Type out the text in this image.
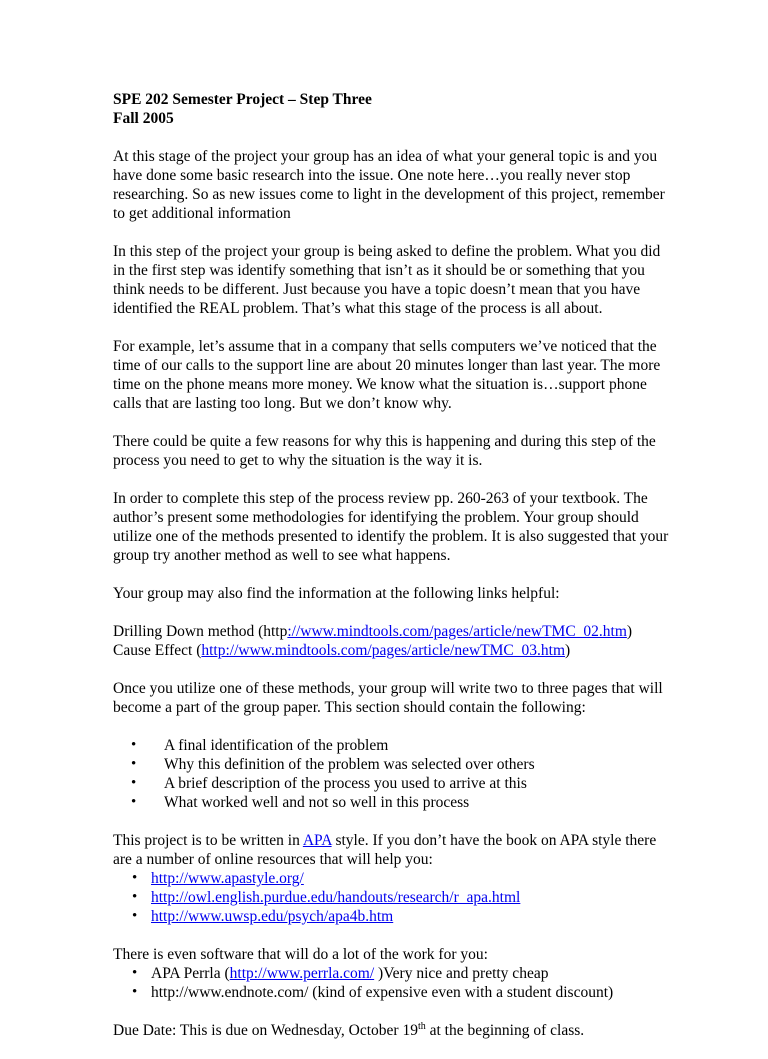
SPE 202 Semester Project – Step Three
Fall 2005

At this stage of the project your group has an idea of what your general topic is and you have done some basic research into the issue. One note here…you really never stop researching. So as new issues come to light in the development of this project, remember to get additional information

In this step of the project your group is being asked to define the problem. What you did in the first step was identify something that isn’t as it should be or something that you think needs to be different. Just because you have a topic doesn’t mean that you have identified the REAL problem. That’s what this stage of the process is all about.

For example, let’s assume that in a company that sells computers we’ve noticed that the time of our calls to the support line are about 20 minutes longer than last year. The more time on the phone means more money. We know what the situation is…support phone calls that are lasting too long. But we don’t know why.

There could be quite a few reasons for why this is happening and during this step of the process you need to get to why the situation is the way it is.

In order to complete this step of the process review pp. 260-263 of your textbook. The author’s present some methodologies for identifying the problem. Your group should utilize one of the methods presented to identify the problem. It is also suggested that your group try another method as well to see what happens.

Your group may also find the information at the following links helpful:

Drilling Down method (http://www.mindtools.com/pages/article/newTMC_02.htm)
Cause Effect (http://www.mindtools.com/pages/article/newTMC_03.htm)

Once you utilize one of these methods, your group will write two to three pages that will become a part of the group paper. This section should contain the following:

• A final identification of the problem
• Why this definition of the problem was selected over others
• A brief description of the process you used to arrive at this
• What worked well and not so well in this process
This project is to be written in APA style. If you don’t have the book on APA style there are a number of online resources that will help you:
• http://www.apastyle.org/
• http://owl.english.purdue.edu/handouts/research/r_apa.html
• http://www.uwsp.edu/psych/apa4b.htm
There is even software that will do a lot of the work for you:
• APA Perrla (http://www.perrla.com/ )Very nice and pretty cheap
• http://www.endnote.com/ (kind of expensive even with a student discount)

Due Date: This is due on Wednesday, October 19th at the beginning of class.
